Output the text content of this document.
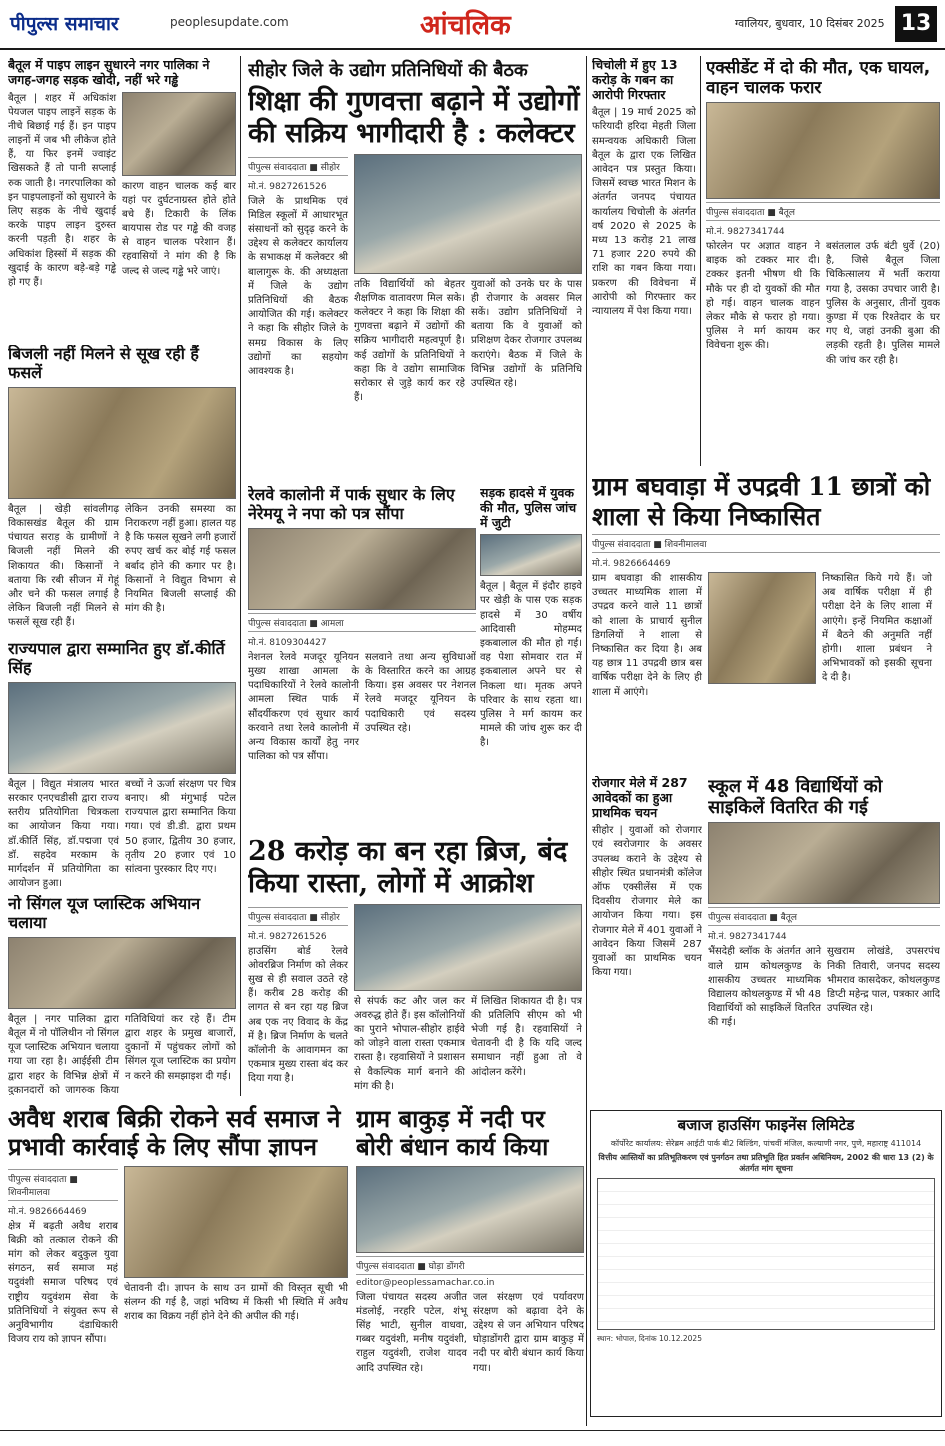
पीपुल्स समाचार	peoplesupdate.com	आंचलिक	ग्वालियर, बुधवार, 10 दिसंबर 2025 13
बैतूल में पाइप लाइन सुधारने नगर पालिका ने जगह-जगह सड़क खोदी, नहीं भरे गड्ढे
बैतूल | शहर में अधिकांश पेयजल पाइप लाइनें सड़क के नीचे बिछाई गई हैं। इन पाइप लाइनों में जब भी लीकेज होते हैं, या फिर इनमें ज्वाइंट खिसकते हैं तो पानी सप्लाई रुक जाती है। नगरपालिका को इन पाइपलाइनों को सुधारने के लिए सड़क के नीचे खुदाई करके पाइप लाइन दुरुस्त करनी पड़ती है। शहर के अधिकांश हिस्सों में सड़क की खुदाई के कारण बड़े-बड़े गड्ढे हो गए हैं।
कारण वाहन चालक कई बार यहां पर दुर्घटनाग्रस्त होते होते बचे हैं। टिकारी के लिंक बायपास रोड पर गड्ढे की वजह से वाहन चालक परेशान हैं। रहवासियों ने मांग की है कि जल्द से जल्द गड्ढे भरे जाएं।
बिजली नहीं मिलने से सूख रही हैं फसलें
बैतूल | खेड़ी सांवलीगढ़ विकासखंड बैतूल की ग्राम पंचायत सराड़ के ग्रामीणों ने बिजली नहीं मिलने की शिकायत की। किसानों ने बताया कि रबी सीजन में गेहूं और चने की फसल लगाई है लेकिन बिजली नहीं मिलने से फसलें सूख रही हैं।
लेकिन उनकी समस्या का निराकरण नहीं हुआ। हालत यह है कि फसल सूखने लगी हजारों रुपए खर्च कर बोई गई फसल बर्बाद होने की कगार पर है। किसानों ने विद्युत विभाग से नियमित बिजली सप्लाई की मांग की है।
राज्यपाल द्वारा सम्मानित हुए डॉ.कीर्ति सिंह
बैतूल | विद्युत मंत्रालय भारत सरकार एनएचडीसी द्वारा राज्य स्तरीय प्रतियोगिता चित्रकला का आयोजन किया गया। डॉ.कीर्ति सिंह, डॉ.पद्मजा एवं डॉ. सहदेव मरकाम के मार्गदर्शन में प्रतियोगिता का आयोजन हुआ।
बच्चों ने ऊर्जा संरक्षण पर चित्र बनाए। श्री मंगुभाई पटेल राज्यपाल द्वारा सम्मानित किया गया। एवं डी.डी. द्वारा प्रथम 50 हजार, द्वितीय 30 हजार, तृतीय 20 हजार एवं 10 सांत्वना पुरस्कार दिए गए।
नो सिंगल यूज प्लास्टिक अभियान चलाया
बैतूल | नगर पालिका द्वारा बैतूल में नो पॉलिथीन नो सिंगल यूज प्लास्टिक अभियान चलाया गया जा रहा है। आईईसी टीम द्वारा शहर के विभिन्न क्षेत्रों में दुकानदारों को जागरुक किया
गतिविधियां कर रहे हैं। टीम द्वारा शहर के प्रमुख बाजारों, दुकानों में पहुंचकर लोगों को सिंगल यूज प्लास्टिक का प्रयोग न करने की समझाइश दी गई।
सीहोर जिले के उद्योग प्रतिनिधियों की बैठक
शिक्षा की गुणवत्ता बढ़ाने में उद्योगों की सक्रिय भागीदारी है : कलेक्टर
पीपुल्स संवाददाता ■ सीहोर
मो.नं. 9827261526
जिले के प्राथमिक एवं मिडिल स्कूलों में आधारभूत संसाधनों को सुदृढ़ करने के उद्देश्य से कलेक्टर कार्यालय के सभाकक्ष में कलेक्टर श्री बालागुरू के. की अध्यक्षता में जिले के उद्योग प्रतिनिधियों की बैठक आयोजित की गई। कलेक्टर ने कहा कि सीहोर जिले के समग्र विकास के लिए उद्योगों का सहयोग आवश्यक है।
तकि विद्यार्थियों को बेहतर शैक्षणिक वातावरण मिल सके। कलेक्टर ने कहा कि शिक्षा की गुणवत्ता बढ़ाने में उद्योगों की सक्रिय भागीदारी महत्वपूर्ण है। कई उद्योगों के प्रतिनिधियों ने कहा कि वे उद्योग सामाजिक सरोकार से जुड़े कार्य कर रहे हैं।
युवाओं को उनके घर के पास ही रोजगार के अवसर मिल सकें। उद्योग प्रतिनिधियों ने बताया कि वे युवाओं को प्रशिक्षण देकर रोजगार उपलब्ध कराएंगे। बैठक में जिले के विभिन्न उद्योगों के प्रतिनिधि उपस्थित रहे।
चिचोली में हुए 13 करोड़ के गबन का आरोपी गिरफ्तार
बैतूल | 19 मार्च 2025 को फरियादी हरिदा मेहती जिला समन्वयक अधिकारी जिला बैतूल के द्वारा एक लिखित आवेदन पत्र प्रस्तुत किया। जिसमें स्वच्छ भारत मिशन के अंतर्गत जनपद पंचायत कार्यालय चिचोली के अंतर्गत वर्ष 2020 से 2025 के मध्य 13 करोड़ 21 लाख 71 हजार 220 रुपये की राशि का गबन किया गया। प्रकरण की विवेचना में आरोपी को गिरफ्तार कर न्यायालय में पेश किया गया।
एक्सीडेंट में दो की मौत, एक घायल, वाहन चालक फरार
पीपुल्स संवाददाता ■ बैतूल
मो.नं. 9827341744
फोरलेन पर अज्ञात वाहन ने बाइक को टक्कर मार दी। टक्कर इतनी भीषण थी कि मौके पर ही दो युवकों की मौत हो गई। वाहन चालक वाहन लेकर मौके से फरार हो गया। पुलिस ने मर्ग कायम कर विवेचना शुरू की।
बसंतलाल उर्फ बंटी धुर्वे (20) है, जिसे बैतूल जिला चिकित्सालय में भर्ती कराया गया है, उसका उपचार जारी है। पुलिस के अनुसार, तीनों युवक कुण्डा में एक रिश्तेदार के घर गए थे, जहां उनकी बुआ की लड़की रहती है। पुलिस मामले की जांच कर रही है।
रेलवे कालोनी में पार्क सुधार के लिए नेरेमयू ने नपा को पत्र सौंपा
पीपुल्स संवाददाता ■ आमला
मो.नं. 8109304427
नेशनल रेलवे मजदूर यूनियन मुख्य शाखा आमला के पदाधिकारियों ने रेलवे कालोनी आमला स्थित पार्क में सौंदर्यीकरण एवं सुधार कार्य करवाने तथा रेलवे कालोनी में अन्य विकास कार्यों हेतु नगर पालिका को पत्र सौंपा।
सलवाने तथा अन्य सुविधाओं के विस्तारित करने का आग्रह किया। इस अवसर पर नेशनल रेलवे मजदूर यूनियन के पदाधिकारी एवं सदस्य उपस्थित रहे।
सड़क हादसे में युवक की मौत, पुलिस जांच में जुटी
बैतूल | बैतूल में इंदौर हाइवे पर खेड़ी के पास एक सड़क हादसे में 30 वर्षीय आदिवासी मोहम्मद इकबालाल की मौत हो गई। वह पेशा सोमवार रात में इकबालाल अपने घर से निकला था। मृतक अपने परिवार के साथ रहता था। पुलिस ने मर्ग कायम कर मामले की जांच शुरू कर दी है।
ग्राम बघवाड़ा में उपद्रवी 11 छात्रों को शाला से किया निष्कासित
पीपुल्स संवाददाता ■ शिवनीमालवा
मो.नं. 9826664469
ग्राम बघवाड़ा की शासकीय उच्चतर माध्यमिक शाला में उपद्रव करने वाले 11 छात्रों को शाला के प्राचार्य सुनील डिगलियों ने शाला से निष्कासित कर दिया है। अब यह छात्र 11 उपद्रवी छात्र बस वार्षिक परीक्षा देने के लिए ही शाला में आएंगे।
निष्कासित किये गये हैं। जो अब वार्षिक परीक्षा में ही परीक्षा देने के लिए शाला में आएंगे। इन्हें नियमित कक्षाओं में बैठने की अनुमति नहीं होगी। शाला प्रबंधन ने अभिभावकों को इसकी सूचना दे दी है।
28 करोड़ का बन रहा ब्रिज, बंद किया रास्ता, लोगों में आक्रोश
पीपुल्स संवाददाता ■ सीहोर
मो.नं. 9827261526
हाउसिंग बोर्ड रेलवे ओवरब्रिज निर्माण को लेकर सुख से ही सवाल उठते रहे हैं। करीब 28 करोड़ की लागत से बन रहा यह ब्रिज अब एक नए विवाद के केंद्र में है। ब्रिज निर्माण के चलते कॉलोनी के आवागमन का एकमात्र मुख्य रास्ता बंद कर दिया गया है।
से संपर्क कट और जल कर अवरुद्ध होते हैं। इस कॉलोनियों का पुराने भोपाल-सीहोर हाईवे को जोड़ने वाला रास्ता एकमात्र रास्ता है। रहवासियों ने प्रशासन से वैकल्पिक मार्ग बनाने की मांग की है।
में लिखित शिकायत दी है। पत्र की प्रतिलिपि सीएम को भी भेजी गई है। रहवासियों ने चेतावनी दी है कि यदि जल्द समाधान नहीं हुआ तो वे आंदोलन करेंगे।
रोजगार मेले में 287 आवेदकों का हुआ प्राथमिक चयन
सीहोर | युवाओं को रोजगार एवं स्वरोजगार के अवसर उपलब्ध कराने के उद्देश्य से सीहोर स्थित प्रधानमंत्री कॉलेज ऑफ एक्सीलेंस में एक दिवसीय रोजगार मेले का आयोजन किया गया। इस रोजगार मेले में 401 युवाओं ने आवेदन किया जिसमें 287 युवाओं का प्राथमिक चयन किया गया।
स्कूल में 48 विद्यार्थियों को साइकिलें वितरित की गई
पीपुल्स संवाददाता ■ बैतूल
मो.नं. 9827341744
भैंसदेही ब्लॉक के अंतर्गत आने वाले ग्राम कोथलकुण्ड के शासकीय उच्चतर माध्यमिक विद्यालय कोथलकुण्ड में भी 48 विद्यार्थियों को साइकिलें वितरित की गई।
सुखराम लोखंडे, उपसरपंच निकी तिवारी, जनपद सदस्य भीमराव कासदेकर, कोथलकुण्ड डिप्टी महेन्द्र पाल, पत्रकार आदि उपस्थित रहे।
अवैध शराब बिक्री रोकने सर्व समाज ने प्रभावी कार्रवाई के लिए सौंपा ज्ञापन
पीपुल्स संवाददाता ■ शिवनीमालवा
मो.नं. 9826664469
क्षेत्र में बढ़ती अवैध शराब बिक्री को तत्काल रोकने की मांग को लेकर बदुकुल युवा संगठन, सर्व समाज महं यदुवंशी समाज परिषद एवं राष्ट्रीय यदुवंशम सेवा के प्रतिनिधियों ने संयुक्त रूप से अनुविभागीय दंडाधिकारी विजय राय को ज्ञापन सौंपा।
चेतावनी दी। ज्ञापन के साथ उन ग्रामों की विस्तृत सूची भी संलग्न की गई है, जहां भविष्य में किसी भी स्थिति में अवैध शराब का विक्रय नहीं होने देने की अपील की गई।
ग्राम बाकुड़ में नदी पर बोरी बंधान कार्य किया
पीपुल्स संवाददाता ■ घोड़ा डोंगरी
editor@peoplessamachar.co.in
जिला पंचायत सदस्य अजीत मंडलोई, नरहरि पटेल, शंभू सिंह भाटी, सुनील वाधवा, गब्बर यदुवंशी, मनीष यदुवंशी, राहुल यदुवंशी, राजेश यादव आदि उपस्थित रहे।
जल संरक्षण एवं पर्यावरण संरक्षण को बढ़ावा देने के उद्देश्य से जन अभियान परिषद घोड़ाडोंगरी द्वारा ग्राम बाकुड़ में नदी पर बोरी बंधान कार्य किया गया।
बजाज हाउसिंग फाइनेंस लिमिटेड
कॉर्पोरेट कार्यालय: सेरेब्रम आईटी पार्क बी2 बिल्डिंग, पांचवीं मंजिल, कल्याणी नगर, पुणे, महाराष्ट्र 411014
वित्तीय आस्तियों का प्रतिभूतिकरण एवं पुनर्गठन तथा प्रतिभूति हित प्रवर्तन अधिनियम, 2002 की धारा 13 (2) के अंतर्गत मांग सूचना
स्थान: भोपाल, दिनांक 10.12.2025
